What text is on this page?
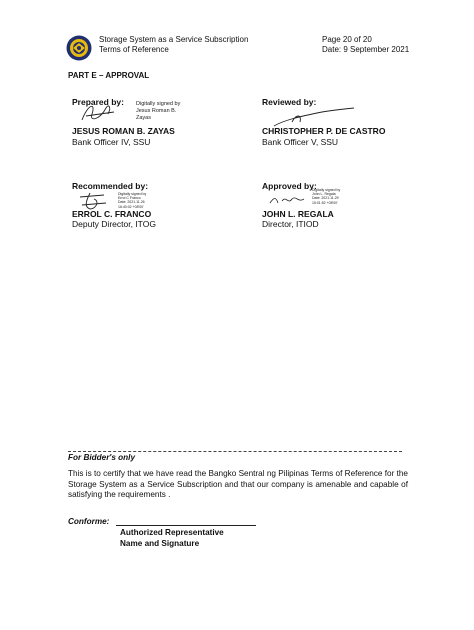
Storage System as a Service Subscription
Terms of Reference
Page 20 of 20
Date: 9 September 2021
PART E – APPROVAL
Prepared by: Digitally signed by
Jesus Roman B.
Zayas
JESUS ROMAN B. ZAYAS
Bank Officer IV, SSU
Reviewed by:
CHRISTOPHER P. DE CASTRO
Bank Officer V, SSU
Recommended by:
Digitally signed by
Errol C Franco
Date: 2021.11.26
16:40:02 +08'00'
ERROL C. FRANCO
Deputy Director, ITOG
Approved by:
Digitally signed by
John L. Regala
Date: 2021.11.29
15:01:52 +08'00'
JOHN L. REGALA
Director, ITIOD
For Bidder's only
This is to certify that we have read the Bangko Sentral ng Pilipinas Terms of Reference for the Storage System as a Service Subscription and that our company is amenable and capable of satisfying the requirements .
Conforme:
Authorized Representative
Name and Signature
